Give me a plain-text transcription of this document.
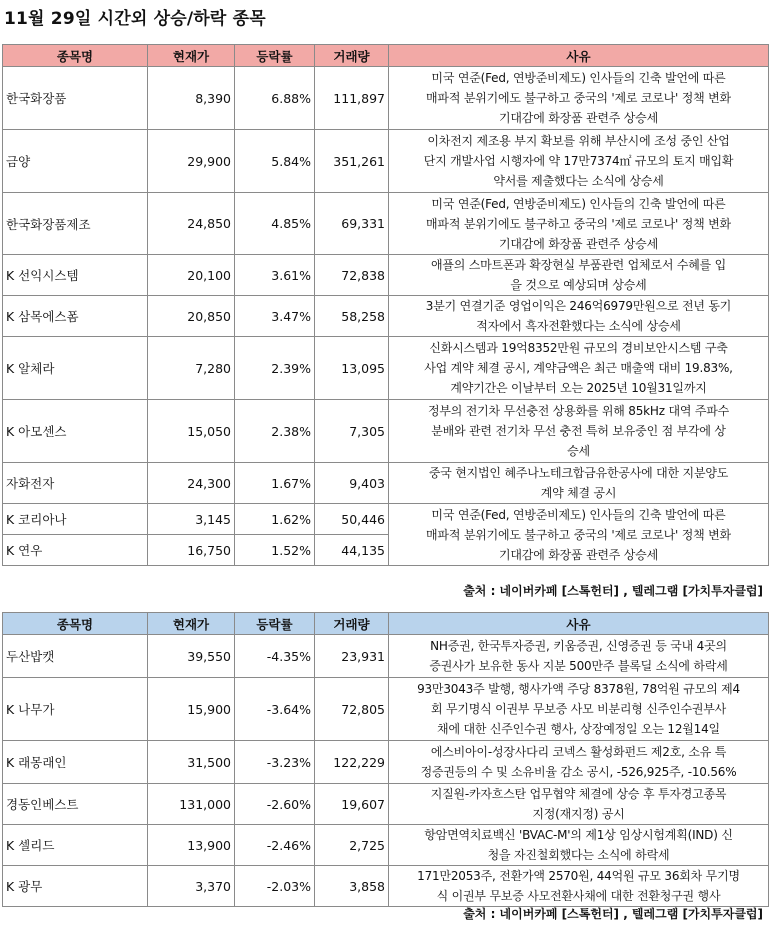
11월 29일 시간외 상승/하락 종목
종목명	현재가	등락률	거래량	사유
한국화장품	8,390	6.88%	111,897	미국 연준(Fed, 연방준비제도) 인사들의 긴축 발언에 따른
매파적 분위기에도 불구하고 중국의 '제로 코로나' 정책 변화
기대감에 화장품 관련주 상승세

금양	29,900	5.84%	351,261	이차전지 제조용 부지 확보를 위해 부산시에 조성 중인 산업
단지 개발사업 시행자에 약 17만7374㎡ 규모의 토지 매입확
약서를 제출했다는 소식에 상승세

한국화장품제조	24,850	4.85%	69,331	미국 연준(Fed, 연방준비제도) 인사들의 긴축 발언에 따른
매파적 분위기에도 불구하고 중국의 '제로 코로나' 정책 변화
기대감에 화장품 관련주 상승세

K 선익시스템	20,100	3.61%	72,838	애플의 스마트폰과 확장현실 부품관련 업체로서 수혜를 입
을 것으로 예상되며 상승세

K 삼목에스폼	20,850	3.47%	58,258	3분기 연결기준 영업이익은 246억6979만원으로 전년 동기
적자에서 흑자전환했다는 소식에 상승세

K 알체라	7,280	2.39%	13,095	신화시스템과 19억8352만원 규모의 경비보안시스템 구축
사업 계약 체결 공시, 계약금액은 최근 매출액 대비 19.83%,
계약기간은 이날부터 오는 2025년 10월31일까지

K 아모센스	15,050	2.38%	7,305	정부의 전기차 무선충전 상용화를 위해 85kHz 대역 주파수
분배와 관련 전기차 무선 충전 특허 보유중인 점 부각에 상
승세

자화전자	24,300	1.67%	9,403	중국 현지법인 혜주나노테크합금유한공사에 대한 지분양도
계약 체결 공시

K 코리아나	3,145	1.62%	50,446	미국 연준(Fed, 연방준비제도) 인사들의 긴축 발언에 따른
매파적 분위기에도 불구하고 중국의 '제로 코로나' 정책 변화
기대감에 화장품 관련주 상승세

K 연우	16,750	1.52%	44,135	
출처 : 네이버카페 [스톡헌터] , 텔레그램 [가치투자클럽]
종목명	현재가	등락률	거래량	사유
두산밥캣	39,550	-4.35%	23,931	NH증권, 한국투자증권, 키움증권, 신영증권 등 국내 4곳의
증권사가 보유한 동사 지분 500만주 블록딜 소식에 하락세

K 나무가	15,900	-3.64%	72,805	93만3043주 발행, 행사가액 주당 8378원, 78억원 규모의 제4
회 무기명식 이권부 무보증 사모 비분리형 신주인수권부사
채에 대한 신주인수권 행사, 상장예정일 오는 12월14일

K 래몽래인	31,500	-3.23%	122,229	에스비아이-성장사다리 코넥스 활성화펀드 제2호, 소유 특
정증권등의 수 및 소유비율 감소 공시, -526,925주, -10.56%

경동인베스트	131,000	-2.60%	19,607	지질원-카자흐스탄 업무협약 체결에 상승 후 투자경고종목
지정(재지정) 공시

K 셀리드	13,900	-2.46%	2,725	항암면역치료백신 'BVAC-M'의 제1상 임상시험계획(IND) 신
청을 자진철회했다는 소식에 하락세

K 광무	3,370	-2.03%	3,858	171만2053주, 전환가액 2570원, 44억원 규모 36회차 무기명
식 이권부 무보증 사모전환사채에 대한 전환청구권 행사
출처 : 네이버카페 [스톡헌터] , 텔레그램 [가치투자클럽]
